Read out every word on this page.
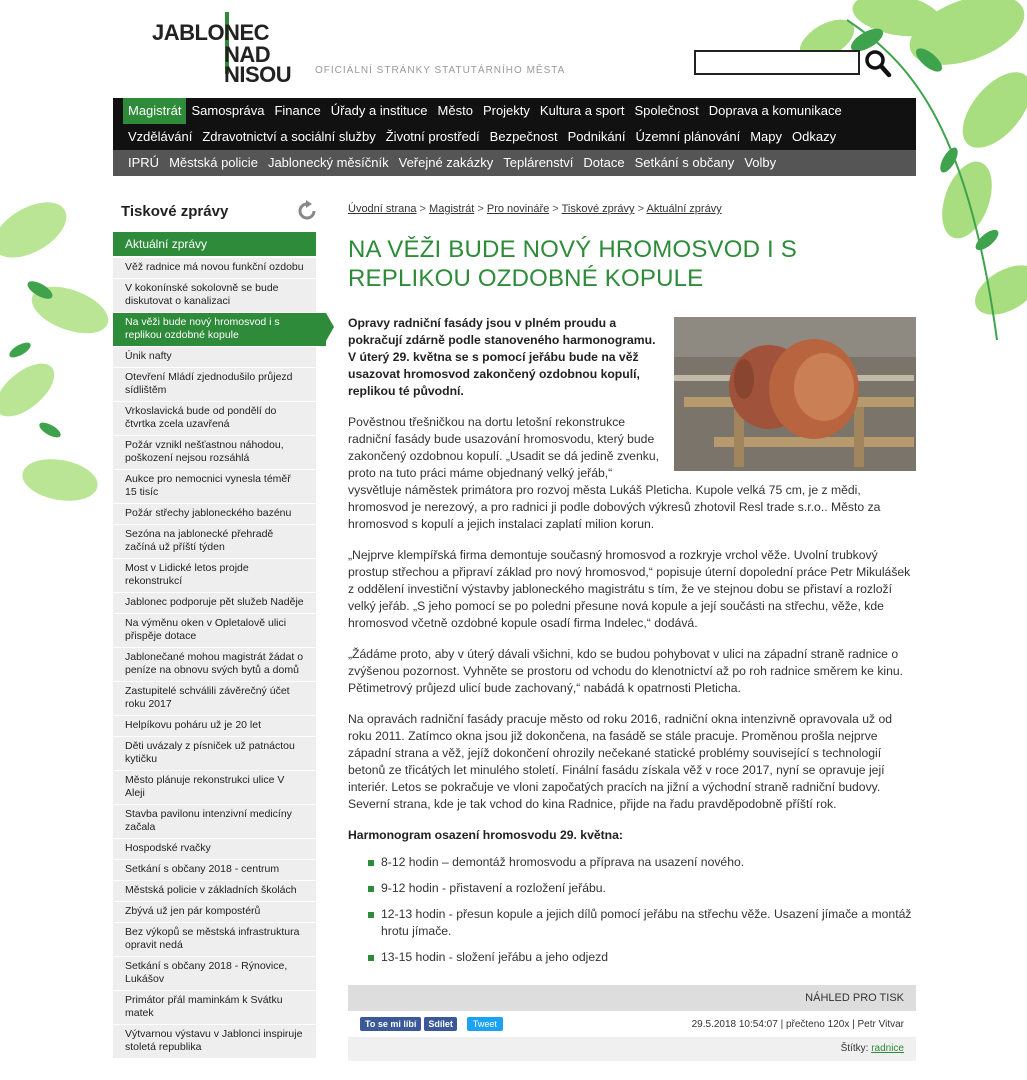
JABLONEC
NAD
NISOU OFICIÁLNÍ STRÁNKY STATUTÁRNÍHO MĚSTA
Magistrát Samospráva Finance Úřady a instituce Město Projekty Kultura a sport Společnost Doprava a komunikace
Vzdělávání Zdravotnictví a sociální služby Životní prostředí Bezpečnost Podnikání Územní plánování Mapy Odkazy
IPRÚ Městská policie Jablonecký měsíčník Veřejné zakázky Teplárenství Dotace Setkání s občany Volby
Tiskové zprávy
Aktuální zprávy
Věž radnice má novou funkční ozdobu
V kokonínské sokolovně se bude diskutovat o kanalizaci
Na věži bude nový hromosvod i s replikou ozdobné kopule
Únik nafty
Otevření Mládí zjednodušilo průjezd sídlištěm
Vrkoslavická bude od pondělí do čtvrtka zcela uzavřená
Požár vznikl nešťastnou náhodou, poškození nejsou rozsáhlá
Aukce pro nemocnici vynesla téměř 15 tisíc
Požár střechy jabloneckého bazénu
Sezóna na jablonecké přehradě začíná už příští týden
Most v Lidické letos projde rekonstrukcí
Jablonec podporuje pět služeb Naděje
Na výměnu oken v Opletalově ulici přispěje dotace
Jablonečané mohou magistrát žádat o peníze na obnovu svých bytů a domů
Zastupitelé schválili závěrečný účet roku 2017
Helpíkovu poháru už je 20 let
Děti uvázaly z písniček už patnáctou kytičku
Město plánuje rekonstrukci ulice V Aleji
Stavba pavilonu intenzivní medicíny začala
Hospodské rvačky
Setkání s občany 2018 - centrum
Městská policie v základních školách
Zbývá už jen pár kompostérů
Bez výkopů se městská infrastruktura opravit nedá
Setkání s občany 2018 - Rýnovice, Lukášov
Primátor přál maminkám k Svátku matek
Výtvarnou výstavu v Jablonci inspiruje stoletá republika
Úvodní strana > Magistrát > Pro novináře > Tiskové zprávy > Aktuální zprávy
NA VĚŽI BUDE NOVÝ HROMOSVOD I S REPLIKOU OZDOBNÉ KOPULE

Opravy radniční fasády jsou v plném proudu a pokračují zdárně podle stanoveného harmonogramu. V úterý 29. května se s pomocí jeřábu bude na věž usazovat hromosvod zakončený ozdobnou kopulí, replikou té původní.

Pověstnou třešničkou na dortu letošní rekonstrukce radniční fasády bude usazování hromosvodu, který bude zakončený ozdobnou kopulí. „Usadit se dá jedině zvenku, proto na tuto práci máme objednaný velký jeřáb,“ vysvětluje náměstek primátora pro rozvoj města Lukáš Pleticha. Kupole velká 75 cm, je z mědi, hromosvod je nerezový, a pro radnici ji podle dobových výkresů zhotovil Resl trade s.r.o.. Město za hromosvod s kopulí a jejich instalaci zaplatí milion korun.

„Nejprve klempířská firma demontuje současný hromosvod a rozkryje vrchol věže. Uvolní trubkový prostup střechou a připraví základ pro nový hromosvod,“ popisuje úterní dopolední práce Petr Mikulášek z oddělení investiční výstavby jabloneckého magistrátu s tím, že ve stejnou dobu se přistaví a rozloží velký jeřáb. „S jeho pomocí se po poledni přesune nová kopule a její součásti na střechu, věže, kde hromosvod včetně ozdobné kopule osadí firma Indelec,“ dodává.

„Žádáme proto, aby v úterý dávali všichni, kdo se budou pohybovat v ulici na západní straně radnice o zvýšenou pozornost. Vyhněte se prostoru od vchodu do klenotnictví až po roh radnice směrem ke kinu. Pětimetrový průjezd ulicí bude zachovaný,“ nabádá k opatrnosti Pleticha.

Na opravách radniční fasády pracuje město od roku 2016, radniční okna intenzivně opravovala už od roku 2011. Zatímco okna jsou již dokončena, na fasádě se stále pracuje. Proměnou prošla nejprve západní strana a věž, jejíž dokončení ohrozily nečekané statické problémy související s technologií betonů ze třicátých let minulého století. Finální fasádu získala věž v roce 2017, nyní se opravuje její interiér. Letos se pokračuje ve vloni započatých pracích na jižní a východní straně radniční budovy. Severní strana, kde je tak vchod do kina Radnice, přijde na řadu pravděpodobně příští rok.

Harmonogram osazení hromosvodu 29. května:
8-12 hodin – demontáž hromosvodu a příprava na usazení nového.
9-12 hodin - přistavení a rozložení jeřábu.
12-13 hodin - přesun kopule a jejich dílů pomocí jeřábu na střechu věže. Usazení jímače a montáž hrotu jímače.
13-15 hodin - složení jeřábu a jeho odjezd
NÁHLED PRO TISK
To se mi líbí	Sdílet	Tweet	29.5.2018 10:54:07 | přečteno 120x | Petr Vitvar
Štítky: radnice
